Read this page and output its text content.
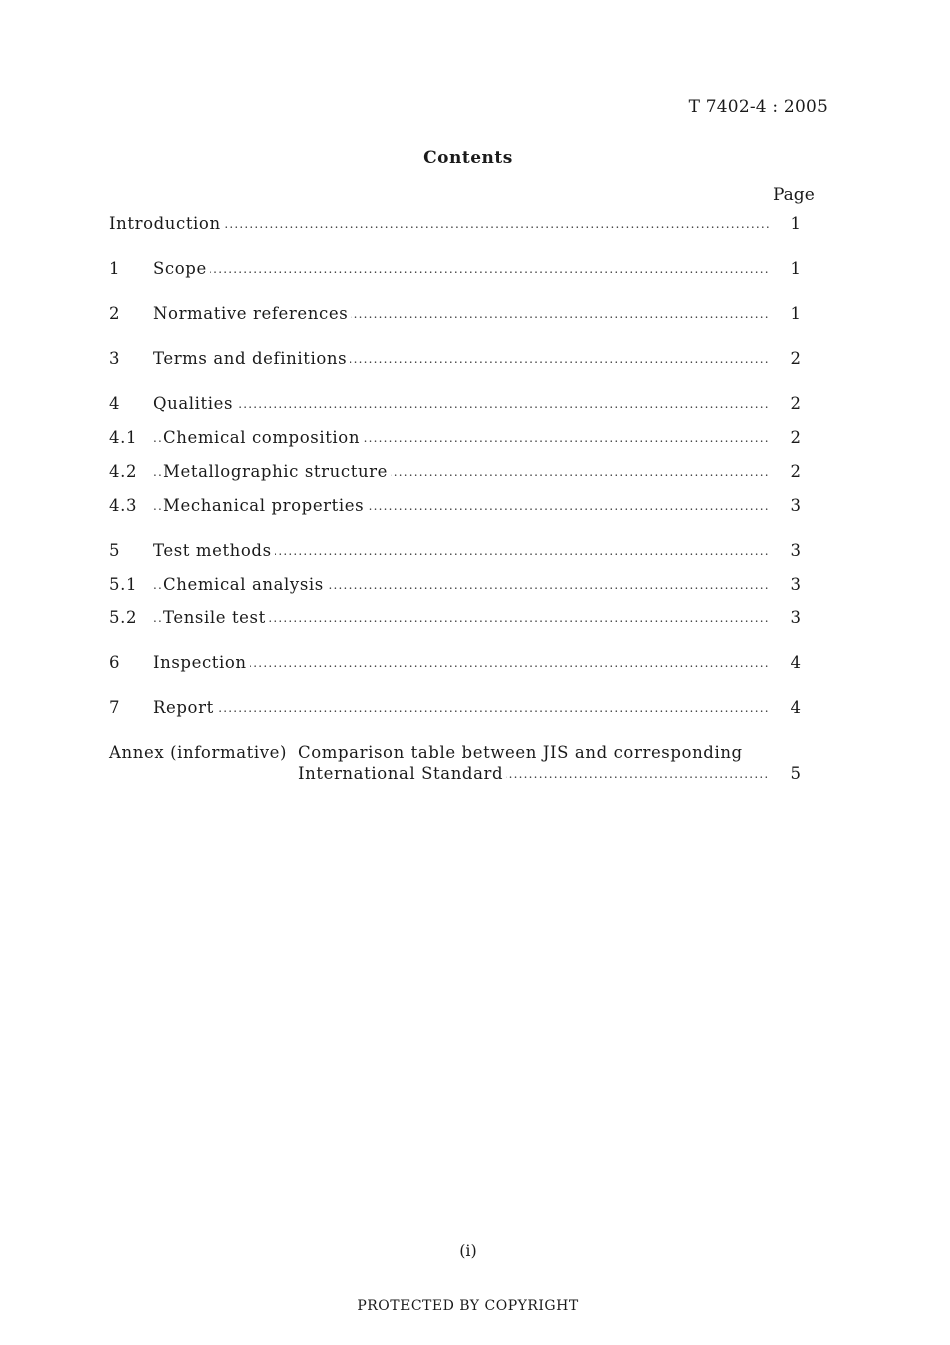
T 7402-4 : 2005
Contents
Page
Introduction .....	1
1 Scope .....	1
2 Normative references .....	1
3 Terms and definitions .....	2
4 Qualities .....	2
4.1 Chemical composition .....	2
4.2 Metallographic structure .....	2
4.3 Mechanical properties .....	3
5 Test methods .....	3
5.1 Chemical analysis .....	3
5.2 Tensile test .....	3
6 Inspection .....	4
7 Report .....	4
Annex (informative) Comparison table between JIS and corresponding
International Standard .....	5
(i)
PROTECTED BY COPYRIGHT
